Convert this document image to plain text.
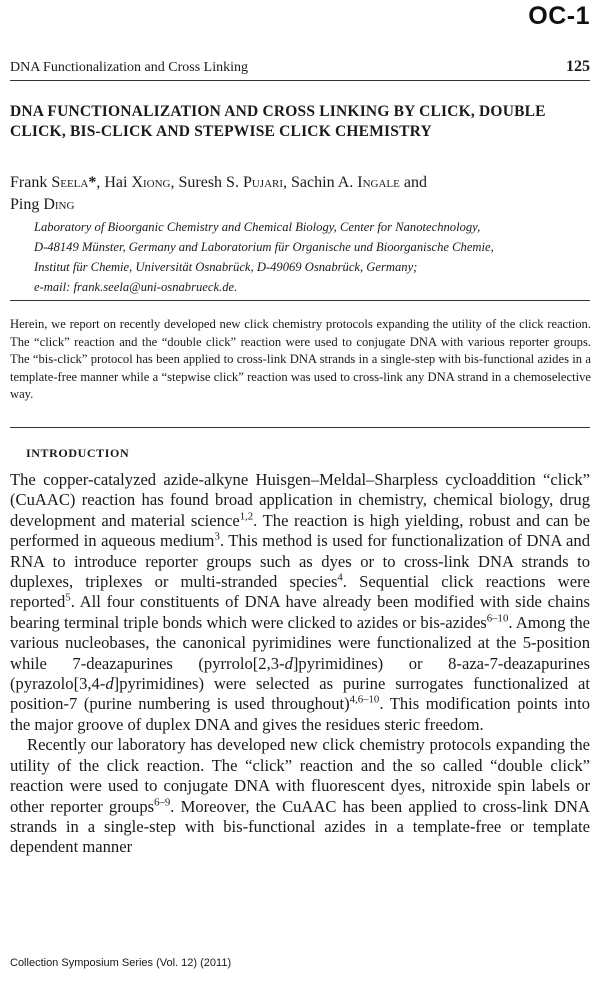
OC-1
DNA Functionalization and Cross Linking	125
DNA FUNCTIONALIZATION AND CROSS LINKING BY CLICK, DOUBLE CLICK, BIS-CLICK AND STEPWISE CLICK CHEMISTRY
Frank Seela*, Hai Xiong, Suresh S. Pujari, Sachin A. Ingale and
Ping Ding
Laboratory of Bioorganic Chemistry and Chemical Biology, Center for Nanotechnology,
D-48149 Münster, Germany and Laboratorium für Organische und Bioorganische Chemie,
Institut für Chemie, Universität Osnabrück, D-49069 Osnabrück, Germany;
e-mail: frank.seela@uni-osnabrueck.de.
Herein, we report on recently developed new click chemistry protocols expanding the utility of the click reaction. The “click” reaction and the “double click” reaction were used to conjugate DNA with various reporter groups. The “bis-click” protocol has been applied to cross-link DNA strands in a single-step with bis-functional azides in a template-free manner while a “stepwise click” reaction was used to cross-link any DNA strand in a chemoselective way.
INTRODUCTION

The copper-catalyzed azide-alkyne Huisgen–Meldal–Sharpless cycloaddition “click” (CuAAC) reaction has found broad application in chemistry, chemical biology, drug development and material science$^{1,2}$. The reaction is high yielding, robust and can be performed in aqueous medium$^3$. This method is used for functionalization of DNA and RNA to introduce reporter groups such as dyes or to cross-link DNA strands to duplexes, triplexes or multi-stranded species$^4$. Sequential click reactions were reported$^5$. All four constituents of DNA have already been modified with side chains bearing terminal triple bonds which were clicked to azides or bis-azides$^{6-10}$. Among the various nucleobases, the canonical pyrimidines were functionalized at the 5-position while 7-deazapurines (pyrrolo[2,3-d]pyrimidines) or 8-aza-7-deazapurines (pyrazolo[3,4-d]pyrimidines) were selected as purine surrogates functionalized at position-7 (purine numbering is used throughout)$^{4,6-10}$. This modification points into the major groove of duplex DNA and gives the residues steric freedom.

Recently our laboratory has developed new click chemistry protocols expanding the utility of the click reaction. The “click” reaction and the so called “double click” reaction were used to conjugate DNA with fluorescent dyes, nitroxide spin labels or other reporter groups$^{6-9}$. Moreover, the CuAAC has been applied to cross-link DNA strands in a single-step with bis-functional azides in a template-free or template dependent manner

Collection Symposium Series (Vol. 12) (2011)
